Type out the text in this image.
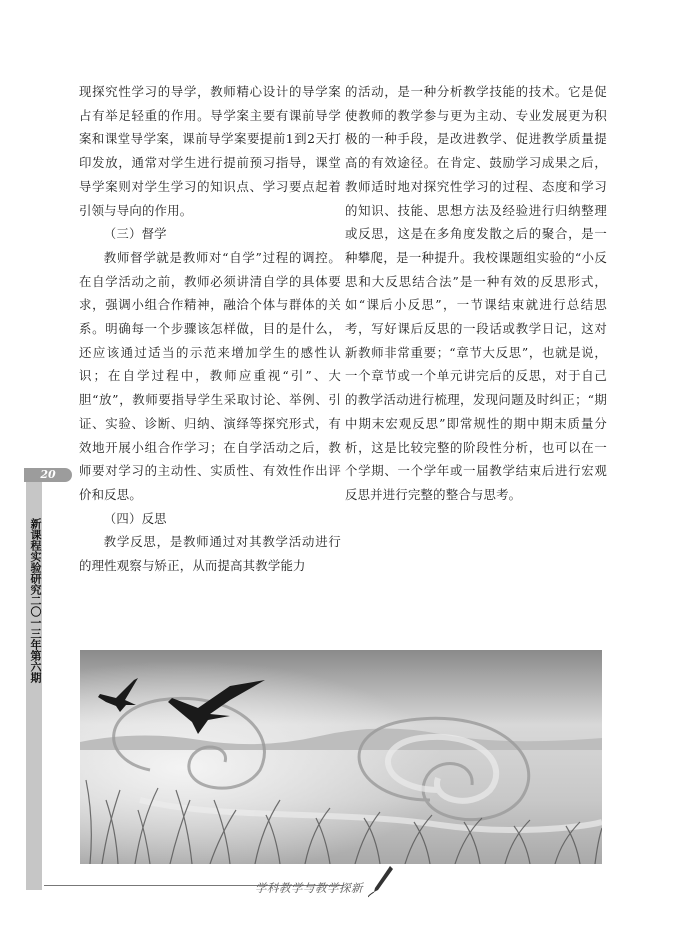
现探究性学习的导学，教师精心设计的导学案占有举足轻重的作用。导学案主要有课前导学案和课堂导学案，课前导学案要提前1到2天打印发放，通常对学生进行提前预习指导，课堂导学案则对学生学习的知识点、学习要点起着引领与导向的作用。

（三）督学

教师督学就是教师对“自学”过程的调控。在自学活动之前，教师必须讲清自学的具体要求，强调小组合作精神，融洽个体与群体的关系。明确每一个步骤该怎样做，目的是什么，还应该通过适当的示范来增加学生的感性认识；在自学过程中，教师应重视“引”、大胆“放”，教师要指导学生采取讨论、举例、引证、实验、诊断、归纳、演绎等探究形式，有效地开展小组合作学习；在自学活动之后，教师要对学习的主动性、实质性、有效性作出评价和反思。

（四）反思

教学反思，是教师通过对其教学活动进行的理性观察与矫正，从而提高其教学能力

的活动，是一种分析教学技能的技术。它是促使教师的教学参与更为主动、专业发展更为积极的一种手段，是改进教学、促进教学质量提高的有效途径。在肯定、鼓励学习成果之后，教师适时地对探究性学习的过程、态度和学习的知识、技能、思想方法及经验进行归纳整理或反思，这是在多角度发散之后的聚合，是一种攀爬，是一种提升。我校课题组实验的“小反思和大反思结合法”是一种有效的反思形式，如“课后小反思”，一节课结束就进行总结思考，写好课后反思的一段话或教学日记，这对新教师非常重要；“章节大反思”，也就是说，一个章节或一个单元讲完后的反思，对于自己的教学活动进行梳理，发现问题及时纠正；“期中期末宏观反思”即常规性的期中期末质量分析，这是比较完整的阶段性分析，也可以在一个学期、一个学年或一届教学结束后进行宏观反思并进行完整的整合与思考。

20
新课程实验研究二〇一三年第六期
学科教学与教学探新
